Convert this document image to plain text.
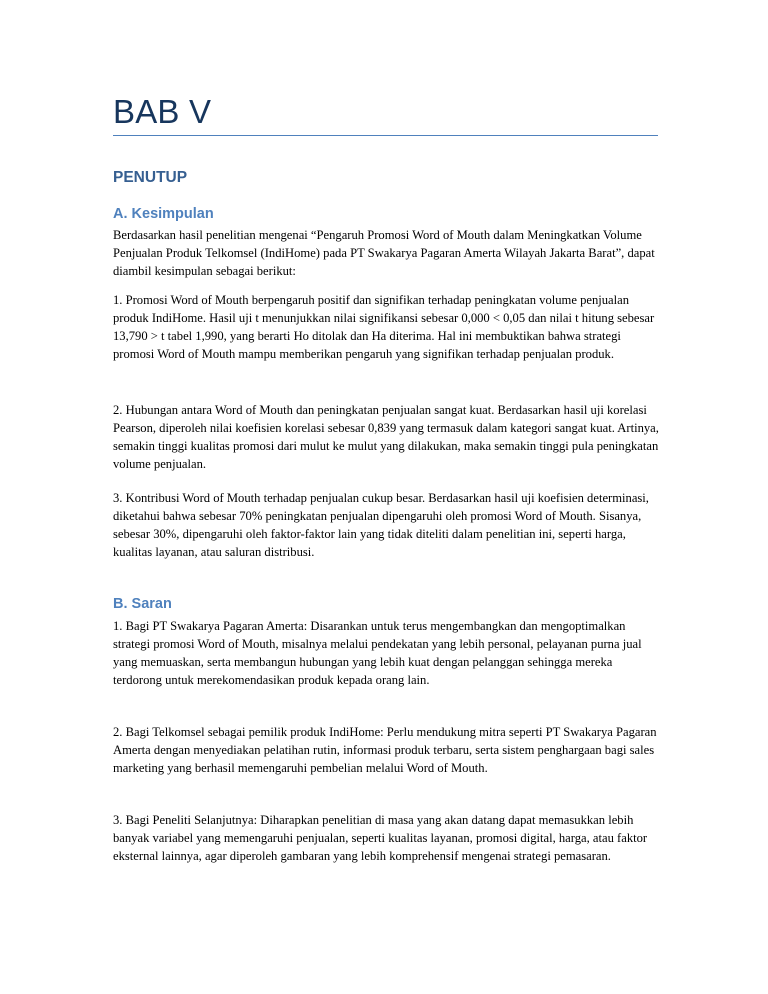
BAB V
PENUTUP
A. Kesimpulan

Berdasarkan hasil penelitian mengenai “Pengaruh Promosi Word of Mouth dalam Meningkatkan Volume Penjualan Produk Telkomsel (IndiHome) pada PT Swakarya Pagaran Amerta Wilayah Jakarta Barat”, dapat diambil kesimpulan sebagai berikut:

1. Promosi Word of Mouth berpengaruh positif dan signifikan terhadap peningkatan volume penjualan produk IndiHome. Hasil uji t menunjukkan nilai signifikansi sebesar 0,000 < 0,05 dan nilai t hitung sebesar 13,790 > t tabel 1,990, yang berarti Ho ditolak dan Ha diterima. Hal ini membuktikan bahwa strategi promosi Word of Mouth mampu memberikan pengaruh yang signifikan terhadap penjualan produk.

2. Hubungan antara Word of Mouth dan peningkatan penjualan sangat kuat. Berdasarkan hasil uji korelasi Pearson, diperoleh nilai koefisien korelasi sebesar 0,839 yang termasuk dalam kategori sangat kuat. Artinya, semakin tinggi kualitas promosi dari mulut ke mulut yang dilakukan, maka semakin tinggi pula peningkatan volume penjualan.

3. Kontribusi Word of Mouth terhadap penjualan cukup besar. Berdasarkan hasil uji koefisien determinasi, diketahui bahwa sebesar 70% peningkatan penjualan dipengaruhi oleh promosi Word of Mouth. Sisanya, sebesar 30%, dipengaruhi oleh faktor-faktor lain yang tidak diteliti dalam penelitian ini, seperti harga, kualitas layanan, atau saluran distribusi.

B. Saran

1. Bagi PT Swakarya Pagaran Amerta: Disarankan untuk terus mengembangkan dan mengoptimalkan strategi promosi Word of Mouth, misalnya melalui pendekatan yang lebih personal, pelayanan purna jual yang memuaskan, serta membangun hubungan yang lebih kuat dengan pelanggan sehingga mereka terdorong untuk merekomendasikan produk kepada orang lain.

2. Bagi Telkomsel sebagai pemilik produk IndiHome: Perlu mendukung mitra seperti PT Swakarya Pagaran Amerta dengan menyediakan pelatihan rutin, informasi produk terbaru, serta sistem penghargaan bagi sales marketing yang berhasil memengaruhi pembelian melalui Word of Mouth.

3. Bagi Peneliti Selanjutnya: Diharapkan penelitian di masa yang akan datang dapat memasukkan lebih banyak variabel yang memengaruhi penjualan, seperti kualitas layanan, promosi digital, harga, atau faktor eksternal lainnya, agar diperoleh gambaran yang lebih komprehensif mengenai strategi pemasaran.
